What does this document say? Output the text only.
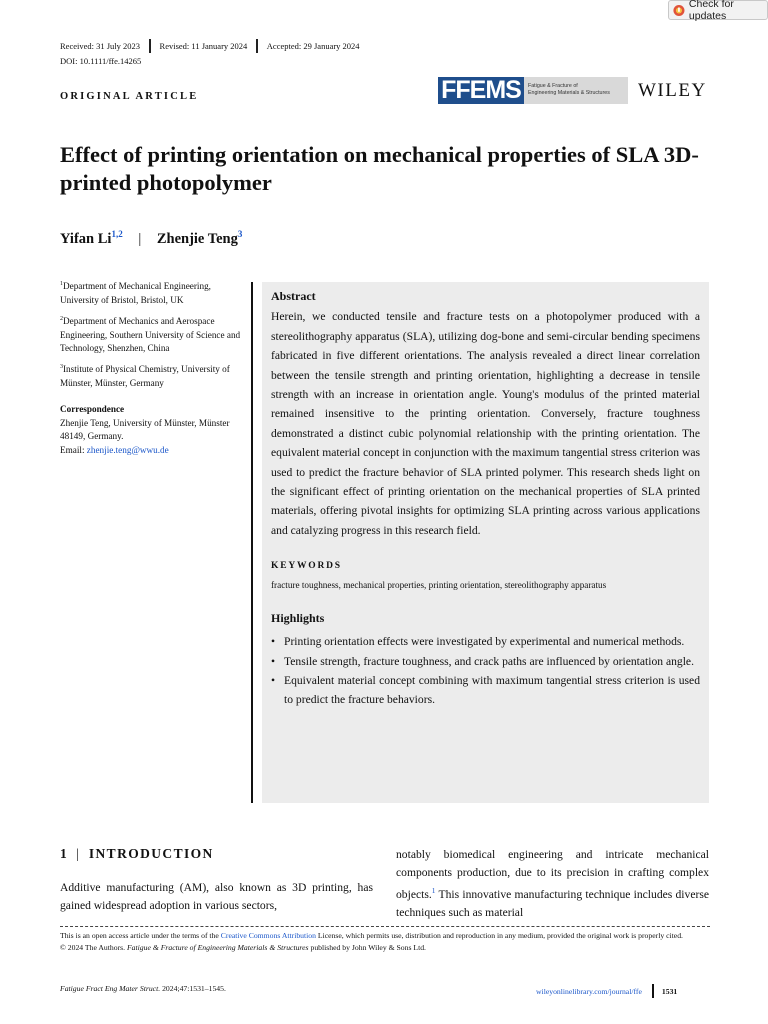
Check for updates
Received: 31 July 2023 Revised: 11 January 2024 Accepted: 29 January 2024
DOI: 10.1111/ffe.14265
ORIGINAL ARTICLE	FFEMS	Fatigue & Fracture of
Engineering Materials & Structures	WILEY
Effect of printing orientation on mechanical properties of SLA 3D-printed photopolymer
Yifan Li$^{1,2}$ | Zhenjie Teng$^3$

$^1$Department of Mechanical Engineering, University of Bristol, Bristol, UK

$^2$Department of Mechanics and Aerospace Engineering, Southern University of Science and Technology, Shenzhen, China

$^3$Institute of Physical Chemistry, University of Münster, Münster, Germany

Correspondence

Zhenjie Teng, University of Münster, Münster 48149, Germany.
Email: zhenjie.teng@wwu.de

Abstract

Herein, we conducted tensile and fracture tests on a photopolymer produced with a stereolithography apparatus (SLA), utilizing dog-bone and semi-circular bending specimens fabricated in five different orientations. The analysis revealed a direct linear correlation between the tensile strength and printing orientation, highlighting a decrease in tensile strength with an increase in orientation angle. Young's modulus of the printed material remained insensitive to the printing orientation. Conversely, fracture toughness demonstrated a distinct cubic polynomial relationship with the printing orientation. The equivalent material concept in conjunction with the maximum tangential stress criterion was used to predict the fracture behavior of SLA printed polymer. This research sheds light on the significant effect of printing orientation on the mechanical properties of SLA printed materials, offering pivotal insights for optimizing SLA printing across various applications and catalyzing progress in this research field.

KEYWORDS

fracture toughness, mechanical properties, printing orientation, stereolithography apparatus

Highlights
• Printing orientation effects were investigated by experimental and numerical methods.
• Tensile strength, fracture toughness, and crack paths are influenced by orientation angle.
• Equivalent material concept combining with maximum tangential stress criterion is used to predict the fracture behaviors.
1 | INTRODUCTION

Additive manufacturing (AM), also known as 3D printing, has gained widespread adoption in various sectors,

notably biomedical engineering and intricate mechanical components production, due to its precision in crafting complex objects.$^1$ This innovative manufacturing technique includes diverse techniques such as material

This is an open access article under the terms of the Creative Commons Attribution License, which permits use, distribution and reproduction in any medium, provided the original work is properly cited.

© 2024 The Authors. Fatigue & Fracture of Engineering Materials & Structures published by John Wiley & Sons Ltd.

Fatigue Fract Eng Mater Struct. 2024;47:1531–1545.	wileyonlinelibrary.com/journal/ffe	1531
